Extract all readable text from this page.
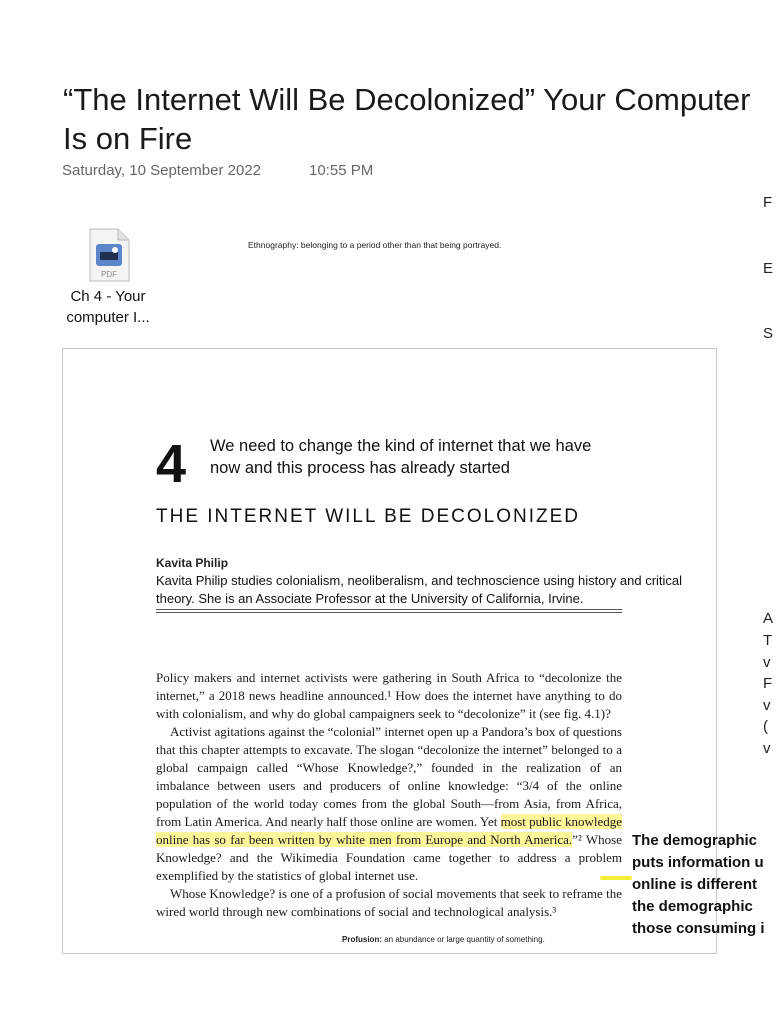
“The Internet Will Be Decolonized” Your Computer Is on Fire
Saturday, 10 September 2022	10:55 PM
PDF
Ch 4 - Your computer I...
Ethnography: belonging to a period other than that being portrayed.
F
E
S
A
T
v
F
v
(
v
4 We need to change the kind of internet that we have now and this process has already started
THE INTERNET WILL BE DECOLONIZED
Kavita Philip
Kavita Philip studies colonialism, neoliberalism, and technoscience using history and critical theory. She is an Associate Professor at the University of California, Irvine.

Policy makers and internet activists were gathering in South Africa to “decolonize the internet,” a 2018 news headline announced.¹ How does the internet have anything to do with colonialism, and why do global campaigners seek to “decolonize” it (see fig. 4.1)?

Activist agitations against the “colonial” internet open up a Pandora’s box of questions that this chapter attempts to excavate. The slogan “decolonize the internet” belonged to a global campaign called “Whose Knowledge?,” founded in the realization of an imbalance between users and producers of online knowledge: “3/4 of the online population of the world today comes from the global South—from Asia, from Africa, from Latin America. And nearly half those online are women. Yet most public knowledge online has so far been written by white men from Europe and North America.”² Whose Knowledge? and the Wikimedia Foundation came together to address a problem exemplified by the statistics of global internet use.

Whose Knowledge? is one of a profusion of social movements that seek to reframe the wired world through new combinations of social and technological analysis.³

The demographic
puts information u
online is different
the demographic
those consuming i
Profusion: an abundance or large quantity of something.
